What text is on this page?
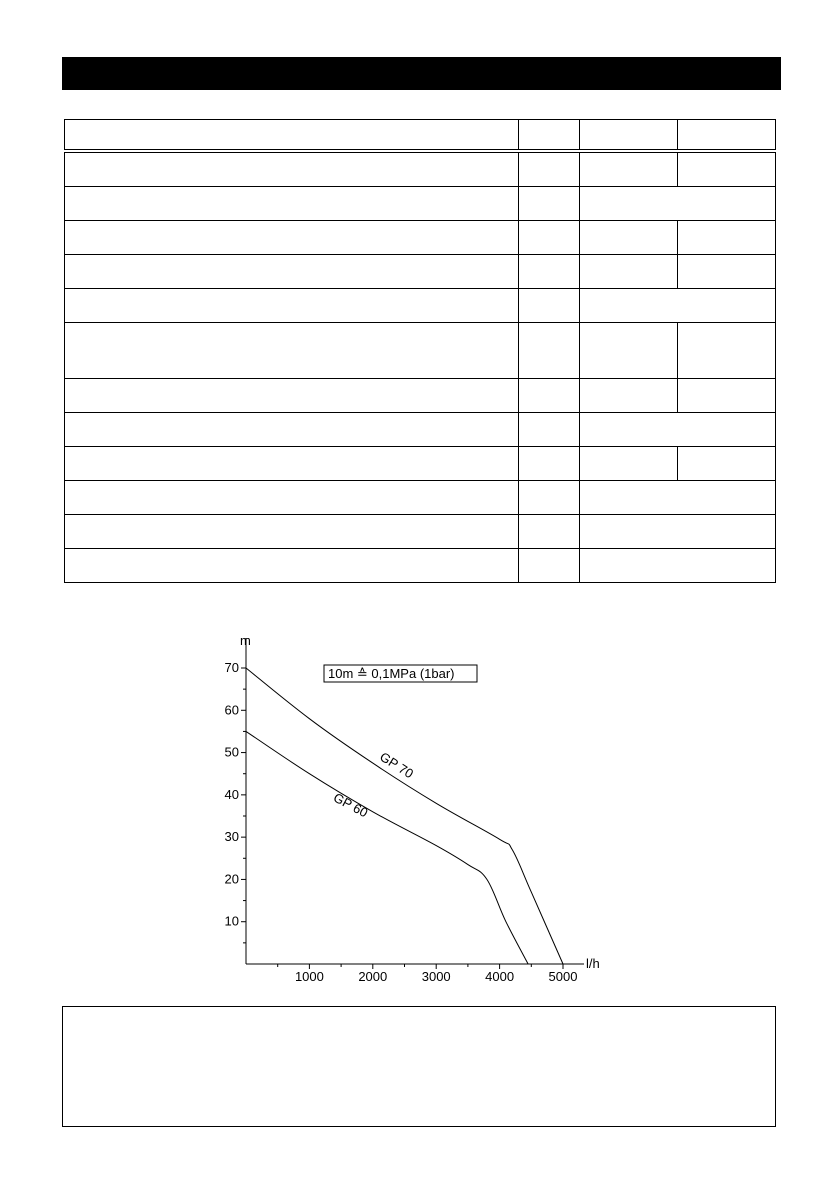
m
l/h
10
20
30
40
50
60
70
1000	2000	3000	4000	5000
GP 70
GP 60
10m ≙ 0,1MPa (1bar)
